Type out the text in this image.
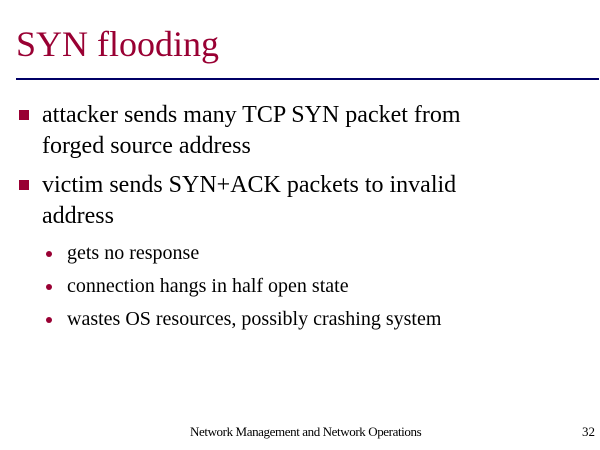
SYN flooding
attacker sends many TCP SYN packet from
forged source address
victim sends SYN+ACK packets to invalid
address
gets no response
connection hangs in half open state
wastes OS resources, possibly crashing system
Network Management and Network Operations	32
